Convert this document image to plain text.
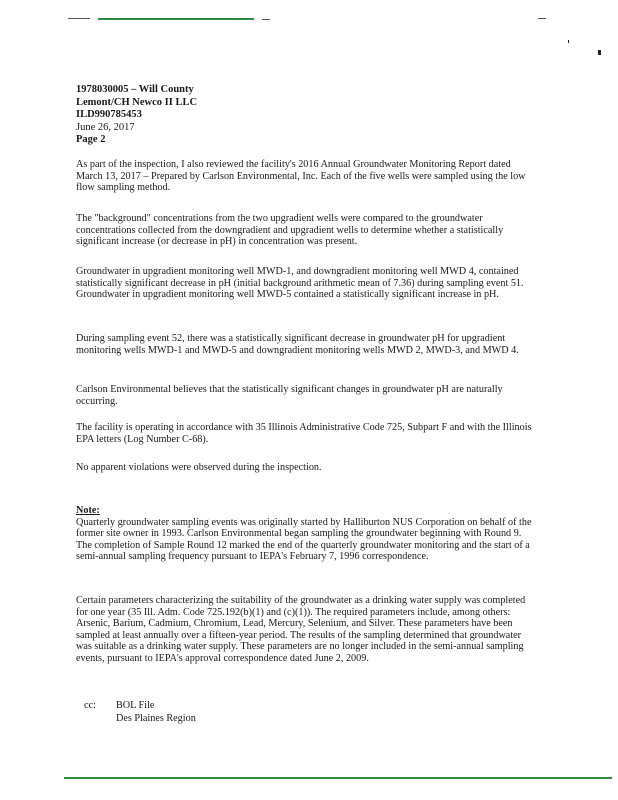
1978030005 – Will County
Lemont/CH Newco II LLC
ILD990785453
June 26, 2017
Page 2

As part of the inspection, I also reviewed the facility's 2016 Annual Groundwater Monitoring Report dated March 13, 2017 – Prepared by Carlson Environmental, Inc. Each of the five wells were sampled using the low flow sampling method.

The "background" concentrations from the two upgradient wells were compared to the groundwater concentrations collected from the downgradient and upgradient wells to determine whether a statistically significant increase (or decrease in pH) in concentration was present.

Groundwater in upgradient monitoring well MWD-1, and downgradient monitoring well MWD 4, contained statistically significant decrease in pH (initial background arithmetic mean of 7.36) during sampling event 51. Groundwater in upgradient monitoring well MWD-5 contained a statistically significant increase in pH.

During sampling event 52, there was a statistically significant decrease in groundwater pH for upgradient monitoring wells MWD-1 and MWD-5 and downgradient monitoring wells MWD 2, MWD-3, and MWD 4.

Carlson Environmental believes that the statistically significant changes in groundwater pH are naturally occurring.

The facility is operating in accordance with 35 Illinois Administrative Code 725, Subpart F and with the Illinois EPA letters (Log Number C-68).

No apparent violations were observed during the inspection.

Note:

Quarterly groundwater sampling events was originally started by Halliburton NUS Corporation on behalf of the former site owner in 1993. Carlson Environmental began sampling the groundwater beginning with Round 9. The completion of Sample Round 12 marked the end of the quarterly groundwater monitoring and the start of a semi-annual sampling frequency pursuant to IEPA's February 7, 1996 correspondence.

Certain parameters characterizing the suitability of the groundwater as a drinking water supply was completed for one year (35 Ill. Adm. Code 725.192(b)(1) and (c)(1)). The required parameters include, among others: Arsenic, Barium, Cadmium, Chromium, Lead, Mercury, Selenium, and Silver. These parameters have been sampled at least annually over a fifteen-year period. The results of the sampling determined that groundwater was suitable as a drinking water supply. These parameters are no longer included in the semi-annual sampling events, pursuant to IEPA's approval correspondence dated June 2, 2009.

cc: BOL File
Des Plaines Region
